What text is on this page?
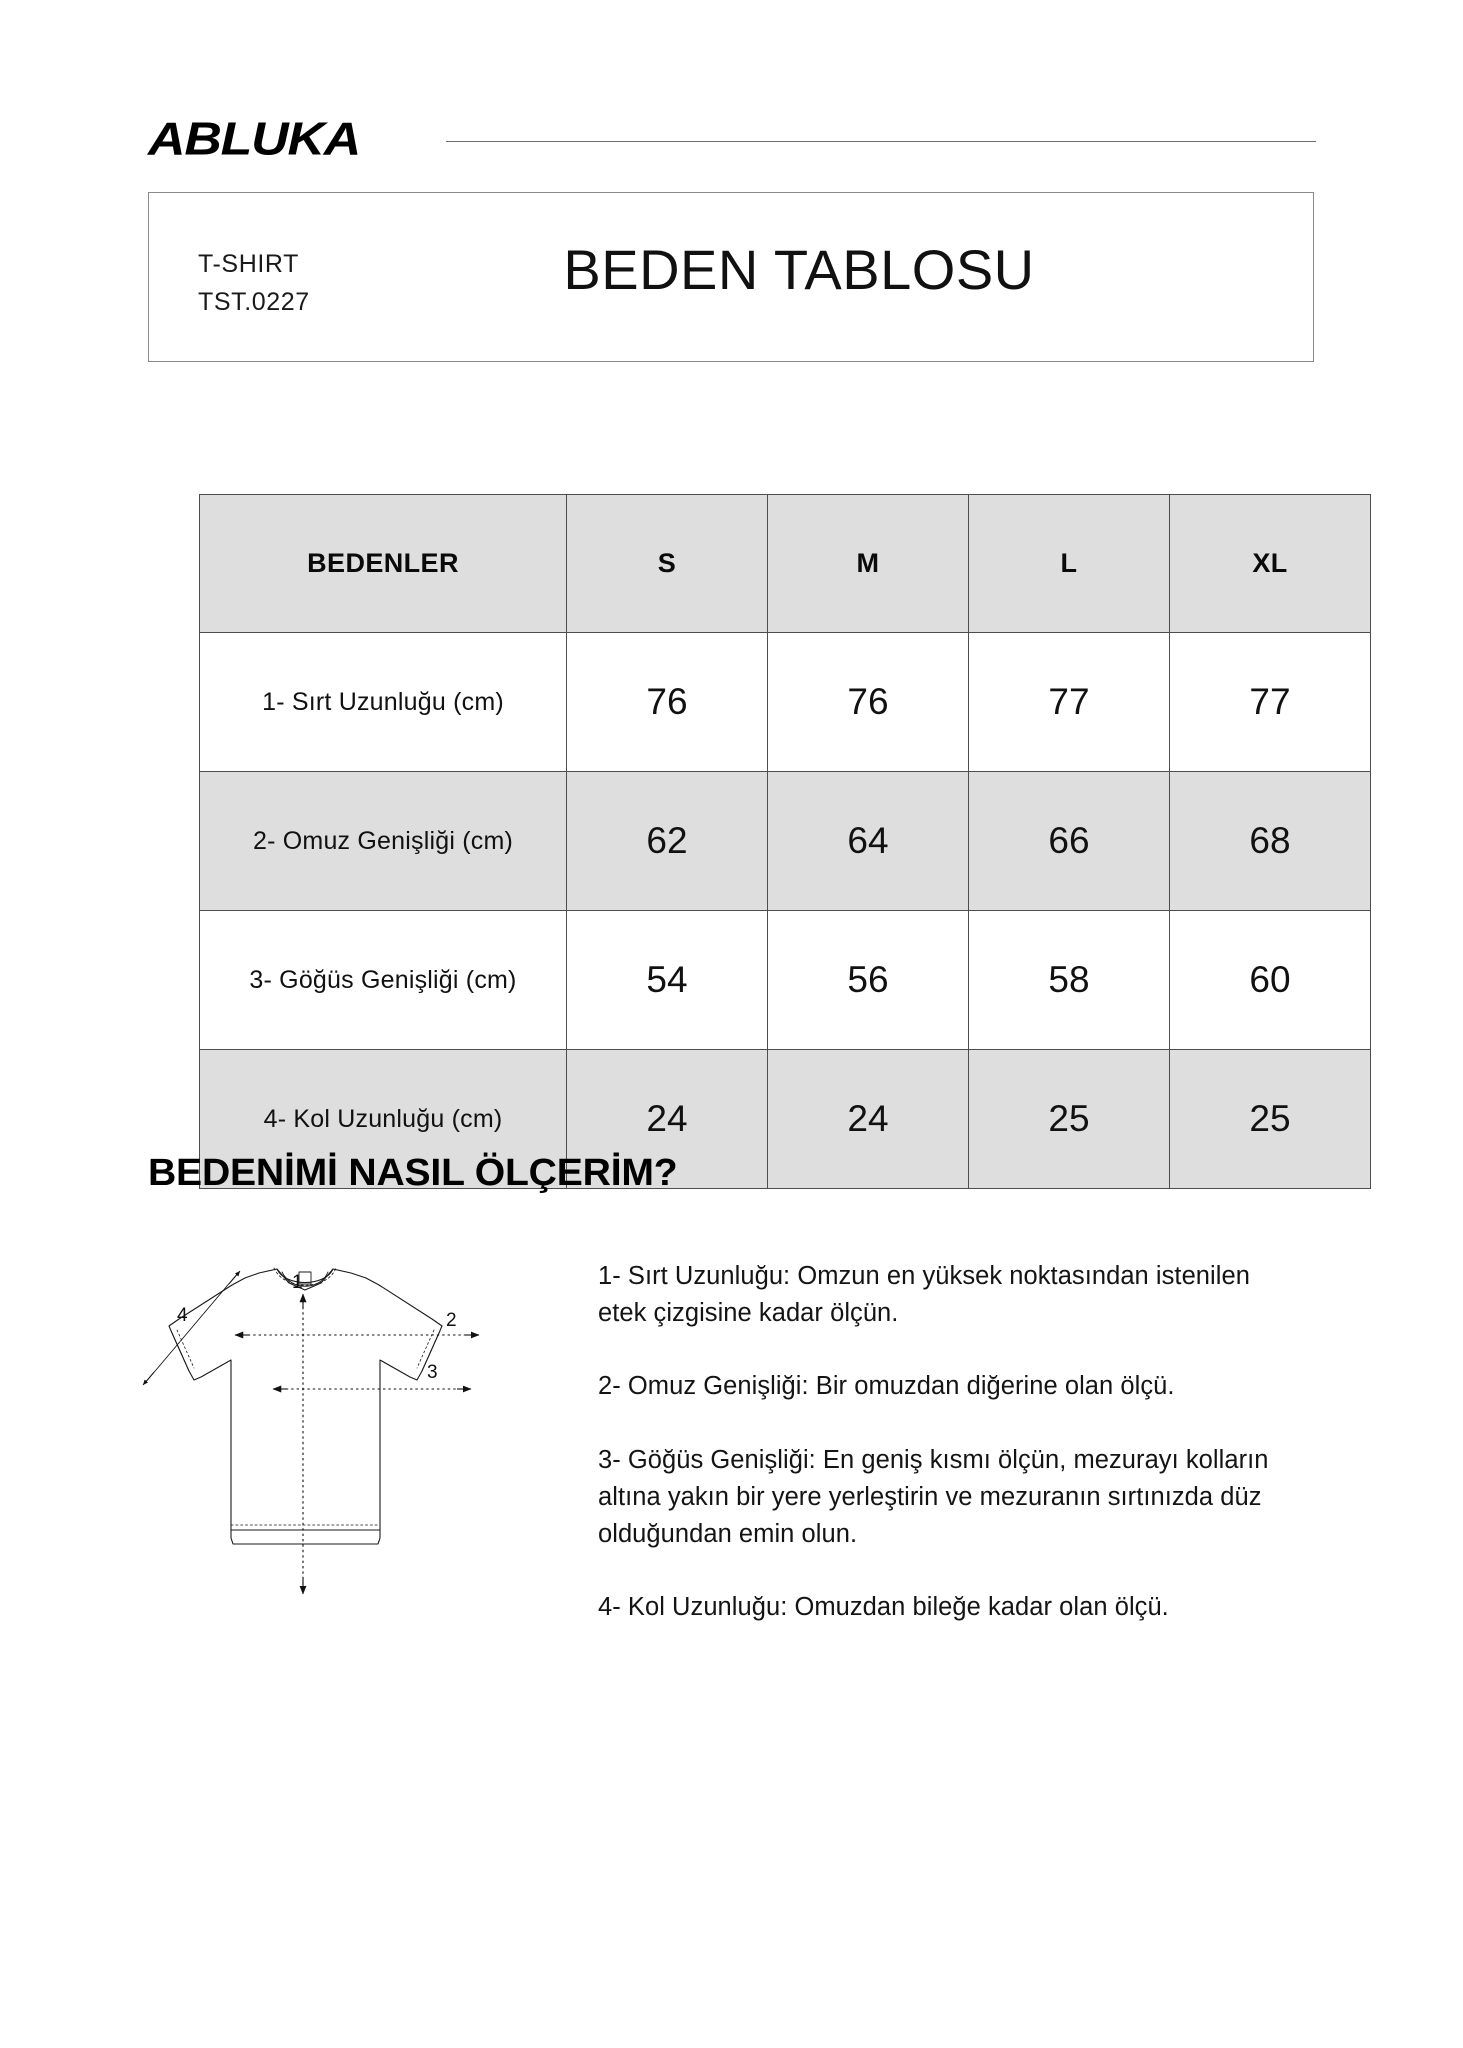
ABLUKA
T-SHIRT
TST.0227
BEDEN TABLOSU
BEDENLER	S	M	L	XL
1- Sırt Uzunluğu (cm)	76	76	77	77
2- Omuz Genişliği (cm)	62	64	66	68
3- Göğüs Genişliği (cm)	54	56	58	60
4- Kol Uzunluğu (cm)	24	24	25	25
BEDENİMİ NASIL ÖLÇERİM?
1
2
3
4

1- Sırt Uzunluğu: Omzun en yüksek noktasından istenilen etek çizgisine kadar ölçün.

2- Omuz Genişliği: Bir omuzdan diğerine olan ölçü.

3- Göğüs Genişliği: En geniş kısmı ölçün, mezurayı kolların altına yakın bir yere yerleştirin ve mezuranın sırtınızda düz olduğundan emin olun.

4- Kol Uzunluğu: Omuzdan bileğe kadar olan ölçü.
